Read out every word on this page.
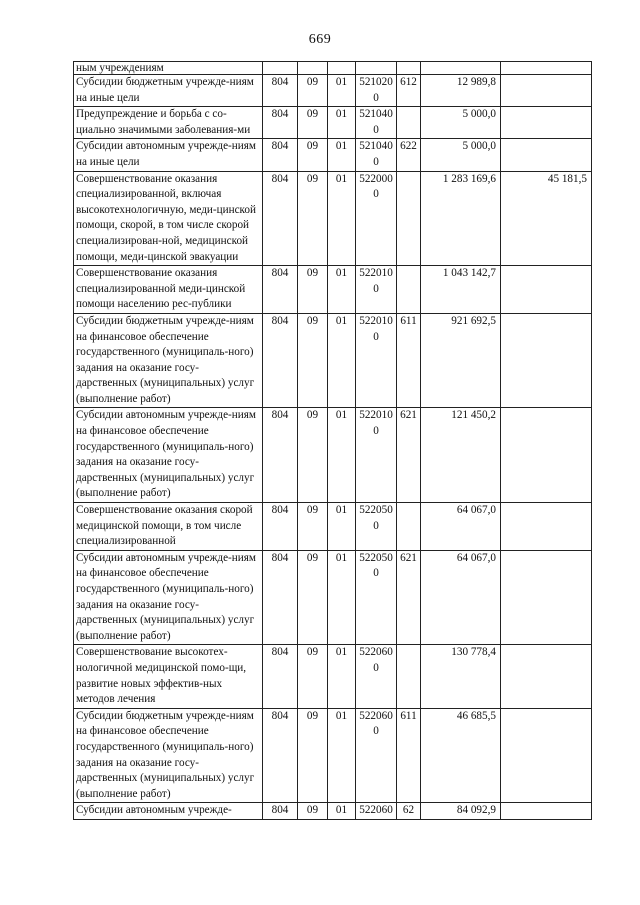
669
ным учреждениям							
Субсидии бюджетным учрежде-ниям на иные цели	804	09	01	5210200	612	12 989,8	
Предупреждение и борьба с со-циально значимыми заболевания-ми	804	09	01	5210400		5 000,0	
Субсидии автономным учрежде-ниям на иные цели	804	09	01	5210400	622	5 000,0	
Совершенствование оказания специализированной, включая высокотехнологичную, меди-цинской помощи, скорой, в том числе скорой специализирован-ной, медицинской помощи, меди-цинской эвакуации	804	09	01	5220000		1 283 169,6	45 181,5
Совершенствование оказания специализированной меди-цинской помощи населению рес-публики	804	09	01	5220100		1 043 142,7	
Субсидии бюджетным учрежде-ниям на финансовое обеспечение государственного (муниципаль-ного) задания на оказание госу-дарственных (муниципальных) услуг (выполнение работ)	804	09	01	5220100	611	921 692,5	
Субсидии автономным учрежде-ниям на финансовое обеспечение государственного (муниципаль-ного) задания на оказание госу-дарственных (муниципальных) услуг (выполнение работ)	804	09	01	5220100	621	121 450,2	
Совершенствование оказания скорой медицинской помощи, в том числе специализированной	804	09	01	5220500		64 067,0	
Субсидии автономным учрежде-ниям на финансовое обеспечение государственного (муниципаль-ного) задания на оказание госу-дарственных (муниципальных) услуг (выполнение работ)	804	09	01	5220500	621	64 067,0	
Совершенствование высокотех-нологичной медицинской помо-щи, развитие новых эффектив-ных методов лечения	804	09	01	5220600		130 778,4	
Субсидии бюджетным учрежде-ниям на финансовое обеспечение государственного (муниципаль-ного) задания на оказание госу-дарственных (муниципальных) услуг (выполнение работ)	804	09	01	5220600	611	46 685,5	
Субсидии автономным учрежде-	804	09	01	522060	62	84 092,9	
